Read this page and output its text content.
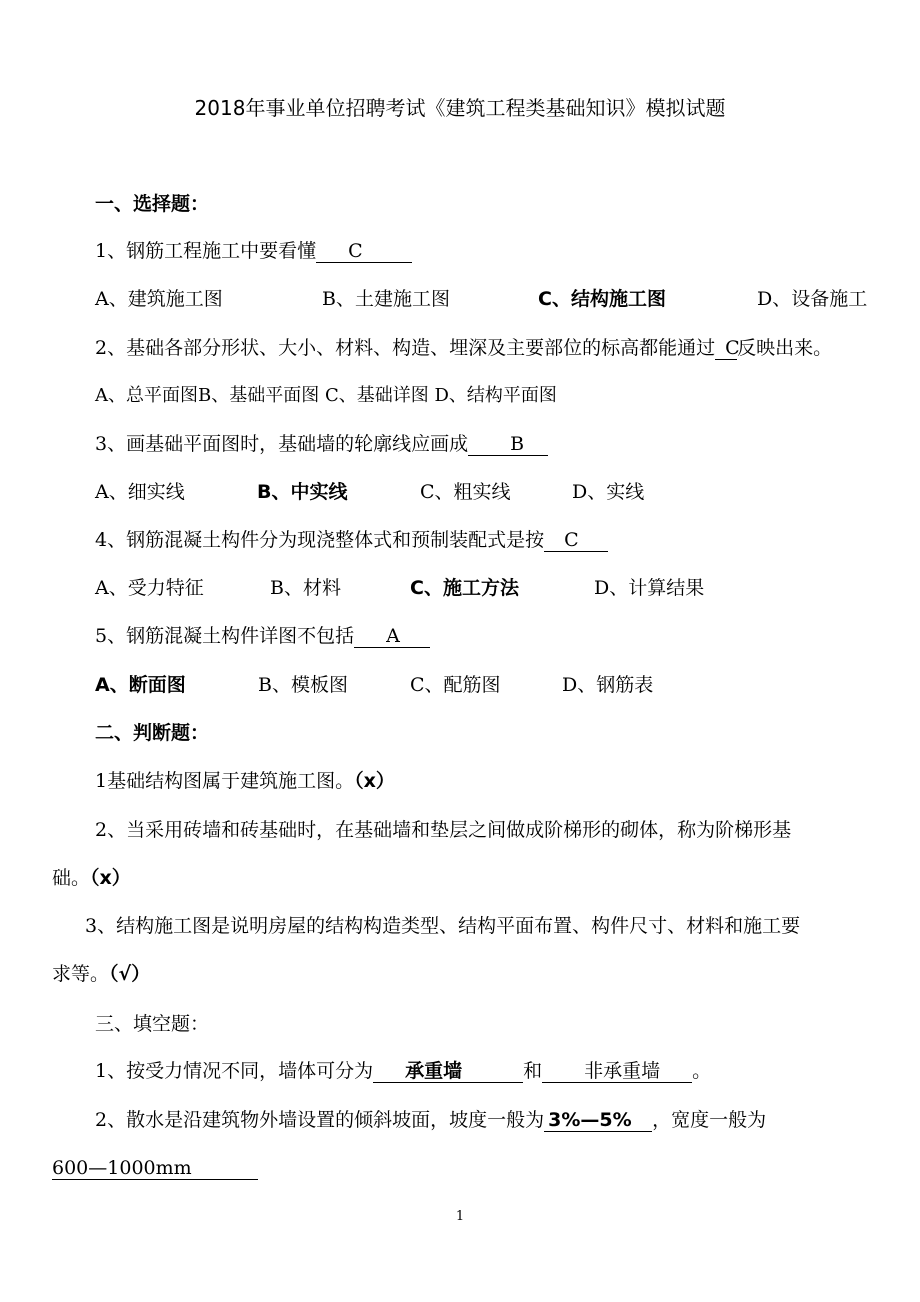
2018年事业单位招聘考试《建筑工程类基础知识》模拟试题
一、选择题：
1、钢筋工程施工中要看懂 C
A、建筑施工图	B、土建施工图	C、结构施工图	D、设备施工
2、基础各部分形状、大小、材料、构造、埋深及主要部位的标高都能通过 C反映出来。
A、总平面图B、基础平面图 C、基础详图 D、结构平面图
3、画基础平面图时，基础墙的轮廓线应画成 B
A、细实线	B、中实线	C、粗实线	D、实线
4、钢筋混凝土构件分为现浇整体式和预制装配式是按 C
A、受力特征	B、材料	C、施工方法	D、计算结果
5、钢筋混凝土构件详图不包括 A
A、断面图	B、模板图	C、配筋图	D、钢筋表
二、判断题：
1基础结构图属于建筑施工图。（x）
2、当采用砖墙和砖基础时，在基础墙和垫层之间做成阶梯形的砌体，称为阶梯形基
础。（x）
3、结构施工图是说明房屋的结构构造类型、结构平面布置、构件尺寸、材料和施工要
求等。（√）
三、填空题：
1、按受力情况不同，墙体可分为 承重墙	和 非承重墙 。
2、散水是沿建筑物外墙设置的倾斜坡面，坡度一般为 3%—5% ，宽度一般为
600—1000mm
1
